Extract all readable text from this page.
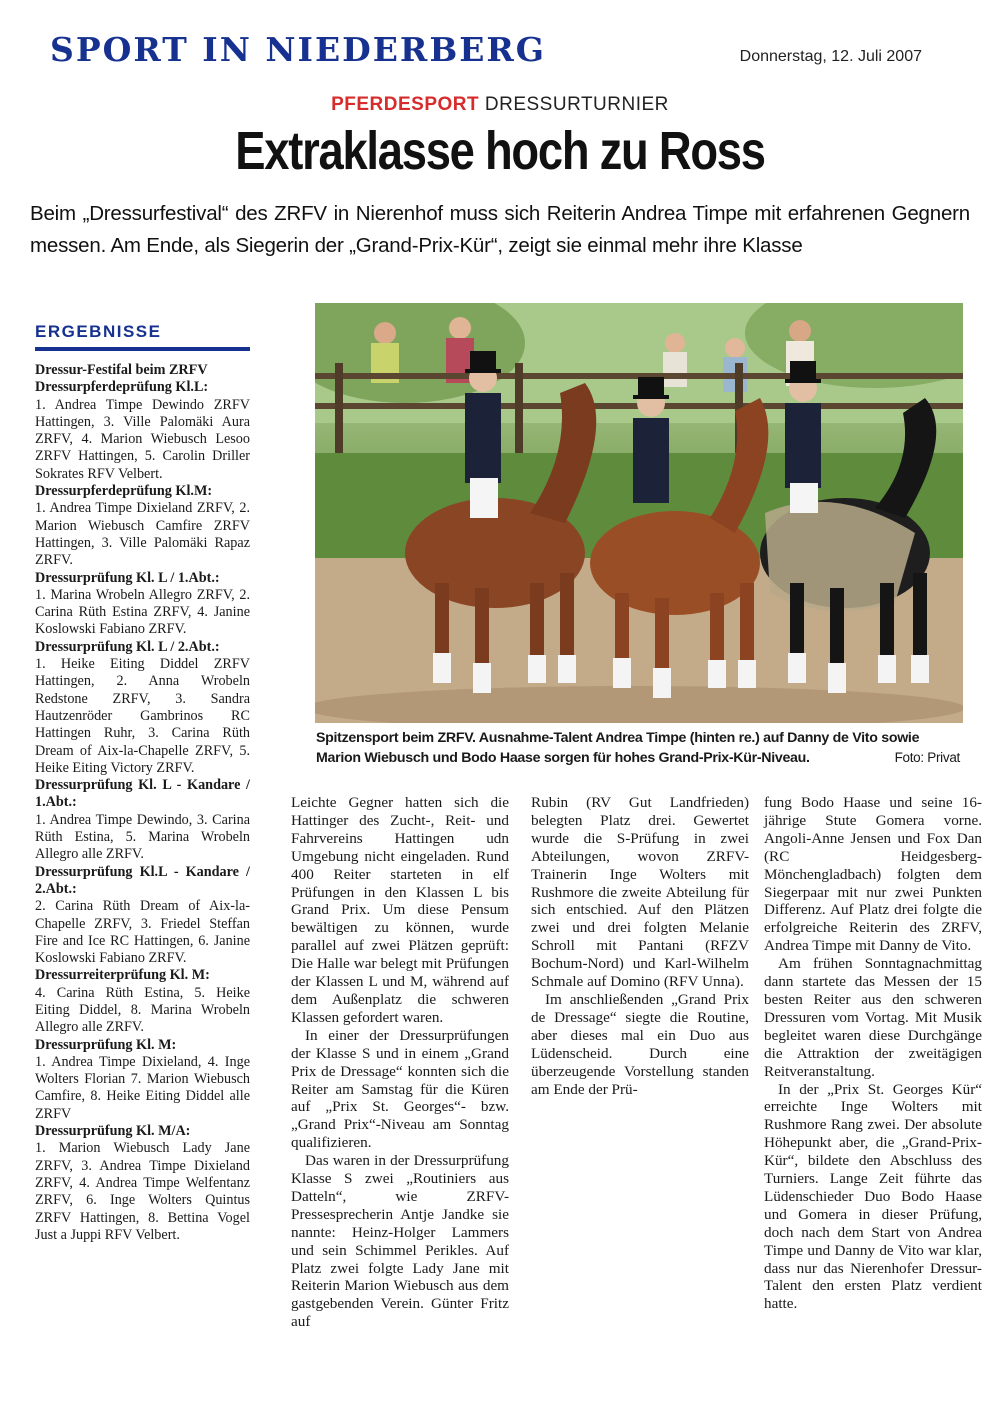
SPORT IN NIEDERBERG	Donnerstag, 12. Juli 2007
PFERDESPORT DRESSURTURNIER
Extraklasse hoch zu Ross

Beim „Dressurfestival“ des ZRFV in Nierenhof muss sich Reiterin Andrea Timpe mit erfahrenen Gegnern messen. Am Ende, als Siegerin der „Grand-Prix-Kür“, zeigt sie einmal mehr ihre Klasse

ERGEBNISSE
Dressur-Festifal beim ZRFV
Dressurpferdeprüfung Kl.L:
1. Andrea Timpe Dewindo ZRFV Hattingen, 3. Ville Palomäki Aura ZRFV, 4. Marion Wiebusch Lesoo ZRFV Hattingen, 5. Carolin Driller Sokrates RFV Velbert.
Dressurpferdeprüfung Kl.M:
1. Andrea Timpe Dixieland ZRFV, 2. Marion Wiebusch Camfire ZRFV Hattingen, 3. Ville Palomäki Rapaz ZRFV.
Dressurprüfung Kl. L / 1.Abt.:
1. Marina Wrobeln Allegro ZRFV, 2. Carina Rüth Estina ZRFV, 4. Janine Koslowski Fabiano ZRFV.
Dressurprüfung Kl. L / 2.Abt.:
1. Heike Eiting Diddel ZRFV Hattingen, 2. Anna Wrobeln Redstone ZRFV, 3. Sandra Hautzenröder Gambrinos RC Hattingen Ruhr, 3. Carina Rüth Dream of Aix-la-Chapelle ZRFV, 5. Heike Eiting Victory ZRFV.
Dressurprüfung Kl. L - Kandare / 1.Abt.:
1. Andrea Timpe Dewindo, 3. Carina Rüth Estina, 5. Marina Wrobeln Allegro alle ZRFV.
Dressurprüfung Kl.L - Kandare / 2.Abt.:
2. Carina Rüth Dream of Aix-la-Chapelle ZRFV, 3. Friedel Steffan Fire and Ice RC Hattingen, 6. Janine Koslowski Fabiano ZRFV.
Dressurreiterprüfung Kl. M:
4. Carina Rüth Estina, 5. Heike Eiting Diddel, 8. Marina Wrobeln Allegro alle ZRFV.
Dressurprüfung Kl. M:
1. Andrea Timpe Dixieland, 4. Inge Wolters Florian 7. Marion Wiebusch Camfire, 8. Heike Eiting Diddel alle ZRFV
Dressurprüfung Kl. M/A:
1. Marion Wiebusch Lady Jane ZRFV, 3. Andrea Timpe Dixieland ZRFV, 4. Andrea Timpe Welfentanz ZRFV, 6. Inge Wolters Quintus ZRFV Hattingen, 8. Bettina Vogel Just a Juppi RFV Velbert.
Spitzensport beim ZRFV. Ausnahme-Talent Andrea Timpe (hinten re.) auf Danny de Vito sowie Marion Wiebusch und Bodo Haase sorgen für hohes Grand-Prix-Kür-Niveau.	Foto: Privat

Leichte Gegner hatten sich die Hattinger des Zucht-, Reit- und Fahrvereins Hattingen udn Umgebung nicht eingeladen. Rund 400 Reiter starteten in elf Prüfungen in den Klassen L bis Grand Prix. Um diese Pensum bewältigen zu können, wurde parallel auf zwei Plätzen geprüft: Die Halle war belegt mit Prüfungen der Klassen L und M, während auf dem Außenplatz die schweren Klassen gefordert waren.

In einer der Dressurprüfungen der Klasse S und in einem „Grand Prix de Dressage“ konnten sich die Reiter am Samstag für die Küren auf „Prix St. Georges“- bzw. „Grand Prix“-Niveau am Sonntag qualifizieren.

Das waren in der Dressurprüfung Klasse S zwei „Routiniers aus Datteln“, wie ZRFV-Pressesprecherin Antje Jandke sie nannte: Heinz-Holger Lammers und sein Schimmel Perikles. Auf Platz zwei folgte Lady Jane mit Reiterin Marion Wiebusch aus dem gastgebenden Verein. Günter Fritz auf

Rubin (RV Gut Landfrieden) belegten Platz drei. Gewertet wurde die S-Prüfung in zwei Abteilungen, wovon ZRFV-Trainerin Inge Wolters mit Rushmore die zweite Abteilung für sich entschied. Auf den Plätzen zwei und drei folgten Melanie Schroll mit Pantani (RFZV Bochum-Nord) und Karl-Wilhelm Schmale auf Domino (RFV Unna).

Im anschließenden „Grand Prix de Dressage“ siegte die Routine, aber dieses mal ein Duo aus Lüdenscheid. Durch eine überzeugende Vorstellung standen am Ende der Prü-

fung Bodo Haase und seine 16-jährige Stute Gomera vorne. Angoli-Anne Jensen und Fox Dan (RC Heidgesberg-Mönchengladbach) folgten dem Siegerpaar mit nur zwei Punkten Differenz. Auf Platz drei folgte die erfolgreiche Reiterin des ZRFV, Andrea Timpe mit Danny de Vito.

Am frühen Sonntagnachmittag dann startete das Messen der 15 besten Reiter aus den schweren Dressuren vom Vortag. Mit Musik begleitet waren diese Durchgänge die Attraktion der zweitägigen Reitveranstaltung.

In der „Prix St. Georges Kür“ erreichte Inge Wolters mit Rushmore Rang zwei. Der absolute Höhepunkt aber, die „Grand-Prix-Kür“, bildete den Abschluss des Turniers. Lange Zeit führte das Lüdenschieder Duo Bodo Haase und Gomera in dieser Prüfung, doch nach dem Start von Andrea Timpe und Danny de Vito war klar, dass nur das Nierenhofer Dressur-Talent den ersten Platz verdient hatte.
